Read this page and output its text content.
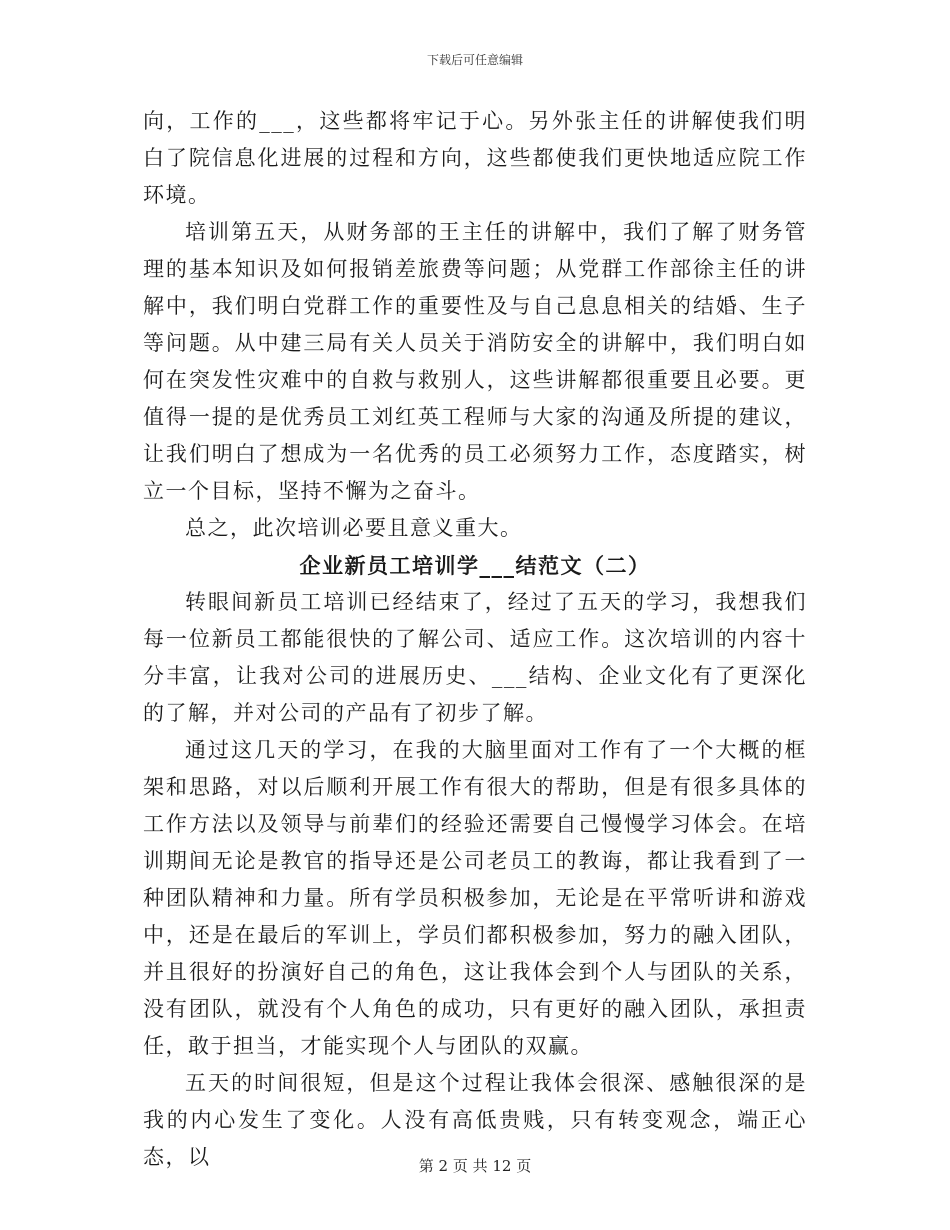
下载后可任意编辑

向，工作的___，这些都将牢记于心。另外张主任的讲解使我们明白了院信息化进展的过程和方向，这些都使我们更快地适应院工作环境。

培训第五天，从财务部的王主任的讲解中，我们了解了财务管理的基本知识及如何报销差旅费等问题；从党群工作部徐主任的讲解中，我们明白党群工作的重要性及与自己息息相关的结婚、生子等问题。从中建三局有关人员关于消防安全的讲解中，我们明白如何在突发性灾难中的自救与救别人，这些讲解都很重要且必要。更值得一提的是优秀员工刘红英工程师与大家的沟通及所提的建议，让我们明白了想成为一名优秀的员工必须努力工作，态度踏实，树立一个目标，坚持不懈为之奋斗。

总之，此次培训必要且意义重大。

企业新员工培训学___结范文（二）

转眼间新员工培训已经结束了，经过了五天的学习，我想我们每一位新员工都能很快的了解公司、适应工作。这次培训的内容十分丰富，让我对公司的进展历史、___结构、企业文化有了更深化的了解，并对公司的产品有了初步了解。

通过这几天的学习，在我的大脑里面对工作有了一个大概的框架和思路，对以后顺利开展工作有很大的帮助，但是有很多具体的工作方法以及领导与前辈们的经验还需要自己慢慢学习体会。在培训期间无论是教官的指导还是公司老员工的教诲，都让我看到了一种团队精神和力量。所有学员积极参加，无论是在平常听讲和游戏中，还是在最后的军训上，学员们都积极参加，努力的融入团队，并且很好的扮演好自己的角色，这让我体会到个人与团队的关系，没有团队，就没有个人角色的成功，只有更好的融入团队，承担责任，敢于担当，才能实现个人与团队的双赢。

五天的时间很短，但是这个过程让我体会很深、感触很深的是我的内心发生了变化。人没有高低贵贱，只有转变观念，端正心态，以	第 2 页 共 12 页
